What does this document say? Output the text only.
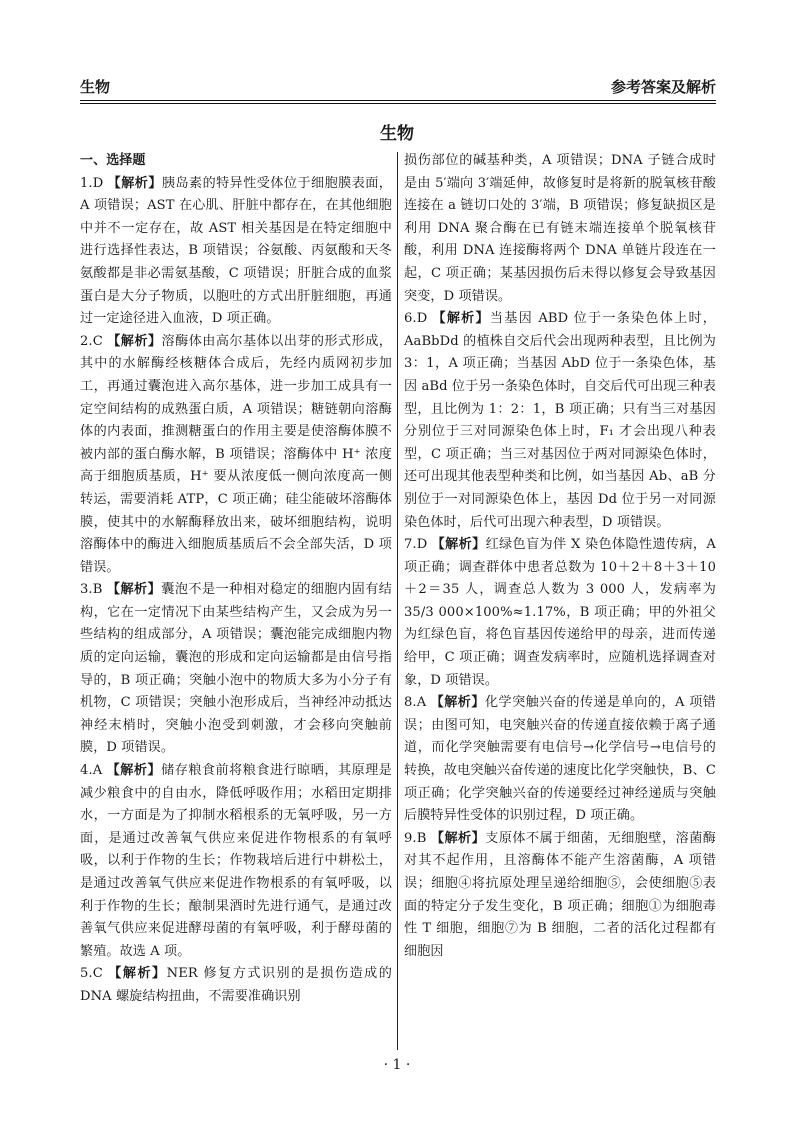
生物	参考答案及解析
生物
一、选择题

1.D 【解析】胰岛素的特异性受体位于细胞膜表面，A 项错误；AST 在心肌、肝脏中都存在，在其他细胞中并不一定存在，故 AST 相关基因是在特定细胞中进行选择性表达，B 项错误；谷氨酸、丙氨酸和天冬氨酸都是非必需氨基酸，C 项错误；肝脏合成的血浆蛋白是大分子物质，以胞吐的方式出肝脏细胞，再通过一定途径进入血液，D 项正确。

2.C 【解析】溶酶体由高尔基体以出芽的形式形成，其中的水解酶经核糖体合成后，先经内质网初步加工，再通过囊泡进入高尔基体，进一步加工成具有一定空间结构的成熟蛋白质，A 项错误；糖链朝向溶酶体的内表面，推测糖蛋白的作用主要是使溶酶体膜不被内部的蛋白酶水解，B 项错误；溶酶体中 H⁺ 浓度高于细胞质基质，H⁺ 要从浓度低一侧向浓度高一侧转运，需要消耗 ATP，C 项正确；硅尘能破坏溶酶体膜，使其中的水解酶释放出来，破坏细胞结构，说明溶酶体中的酶进入细胞质基质后不会全部失活，D 项错误。

3.B 【解析】囊泡不是一种相对稳定的细胞内固有结构，它在一定情况下由某些结构产生，又会成为另一些结构的组成部分，A 项错误；囊泡能完成细胞内物质的定向运输，囊泡的形成和定向运输都是由信号指导的，B 项正确；突触小泡中的物质大多为小分子有机物，C 项错误；突触小泡形成后，当神经冲动抵达神经末梢时，突触小泡受到刺激，才会移向突触前膜，D 项错误。

4.A 【解析】储存粮食前将粮食进行晾晒，其原理是减少粮食中的自由水，降低呼吸作用；水稻田定期排水，一方面是为了抑制水稻根系的无氧呼吸，另一方面，是通过改善氧气供应来促进作物根系的有氧呼吸，以利于作物的生长；作物栽培后进行中耕松土，是通过改善氧气供应来促进作物根系的有氧呼吸，以利于作物的生长；酿制果酒时先进行通气，是通过改善氧气供应来促进酵母菌的有氧呼吸，利于酵母菌的繁殖。故选 A 项。

5.C 【解析】NER 修复方式识别的是损伤造成的 DNA 螺旋结构扭曲，不需要准确识别

损伤部位的碱基种类，A 项错误；DNA 子链合成时是由 5′端向 3′端延伸，故修复时是将新的脱氧核苷酸连接在 a 链切口处的 3′端，B 项错误；修复缺损区是利用 DNA 聚合酶在已有链末端连接单个脱氧核苷酸，利用 DNA 连接酶将两个 DNA 单链片段连在一起，C 项正确；某基因损伤后未得以修复会导致基因突变，D 项错误。

6.D 【解析】当基因 ABD 位于一条染色体上时，AaBbDd 的植株自交后代会出现两种表型，且比例为 3：1，A 项正确；当基因 AbD 位于一条染色体，基因 aBd 位于另一条染色体时，自交后代可出现三种表型，且比例为 1：2：1，B 项正确；只有当三对基因分别位于三对同源染色体上时，F₁ 才会出现八种表型，C 项正确；当三对基因位于两对同源染色体时，还可出现其他表型种类和比例，如当基因 Ab、aB 分别位于一对同源染色体上，基因 Dd 位于另一对同源染色体时，后代可出现六种表型，D 项错误。

7.D 【解析】红绿色盲为伴 X 染色体隐性遗传病，A 项正确；调查群体中患者总数为 10＋2＋8＋3＋10＋2＝35 人，调查总人数为 3 000 人，发病率为 35/3 000×100%≈1.17%，B 项正确；甲的外祖父为红绿色盲，将色盲基因传递给甲的母亲，进而传递给甲，C 项正确；调查发病率时，应随机选择调查对象，D 项错误。

8.A 【解析】化学突触兴奋的传递是单向的，A 项错误；由图可知，电突触兴奋的传递直接依赖于离子通道，而化学突触需要有电信号→化学信号→电信号的转换，故电突触兴奋传递的速度比化学突触快，B、C 项正确；化学突触兴奋的传递要经过神经递质与突触后膜特异性受体的识别过程，D 项正确。

9.B 【解析】支原体不属于细菌，无细胞壁，溶菌酶对其不起作用，且溶酶体不能产生溶菌酶，A 项错误；细胞④将抗原处理呈递给细胞⑤，会使细胞⑤表面的特定分子发生变化，B 项正确；细胞①为细胞毒性 T 细胞，细胞⑦为 B 细胞，二者的活化过程都有细胞因

· 1 ·
